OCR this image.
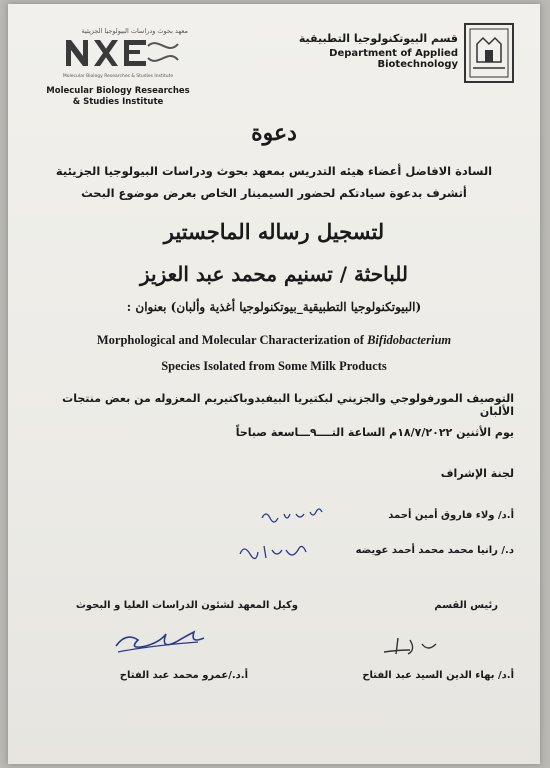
معهد بحوث ودراسات البيولوجيا الجزيئية
Molecular Biology Researches & Studies Institute
Molecular Biology Researches
& Studies Institute
قسم البيوتكنولوجيا التطبيقية
Department of Applied Biotechnology
دعوة
السادة الافاضل أعضاء هيئه التدريس بمعهد بحوث ودراسات البيولوجيا الجزيئية
أتشرف بدعوة سيادتكم لحضور السيمينار الخاص بعرض موضوع البحث
لتسجيل رساله الماجستير
للباحثة / تسنيم محمد عبد العزيز
(البيوتكنولوجيا التطبيقية_بيوتكنولوجيا أغذية وألبان) بعنوان :
Morphological and Molecular Characterization of Bifidobacterium
Species Isolated from Some Milk Products
التوصيف المورفولوجي والجزيني لبكتيريا البيفيدوباكتيريم المعزوله من بعض منتجات الألبان
يوم الأثنين ١٨/٧/٢٠٢٢م الساعة التــــ٩ـــاسعة صباحاً
لجنة الإشراف
أ.د/ ولاء فاروق أمين أحمد
د./ رانيا محمد محمد أحمد عويضه
وكيل المعهد لشئون الدراسات العليا و البحوث	رئيس القسم
أ.د./عمرو محمد عبد الفتاح	أ.د/ بهاء الدين السيد عبد الفتاح
